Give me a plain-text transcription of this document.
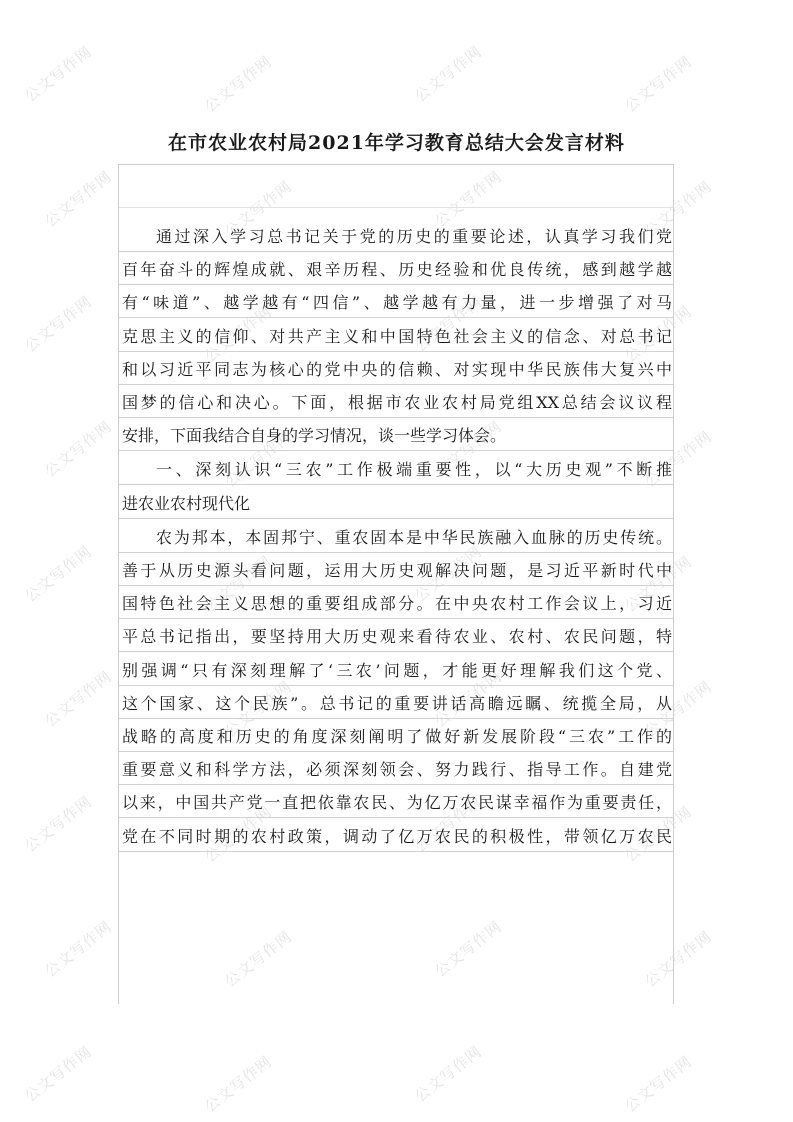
公文写作网	公文写作网	公文写作网	公文写作网
公文写作网	公文写作网	公文写作网	公文写作网
公文写作网	公文写作网	公文写作网	公文写作网
公文写作网	公文写作网	公文写作网	公文写作网
公文写作网	公文写作网	公文写作网	公文写作网
公文写作网	公文写作网	公文写作网	公文写作网
公文写作网	公文写作网	公文写作网	公文写作网
公文写作网	公文写作网	公文写作网	公文写作网
公文写作网	公文写作网	公文写作网	公文写作网
在市农业农村局2021年学习教育总结大会发言材料
通过深入学习总书记关于党的历史的重要论述，认真学习我们党
百年奋斗的辉煌成就、艰辛历程、历史经验和优良传统，感到越学越
有“味道”、越学越有“四信”、越学越有力量，进一步增强了对马
克思主义的信仰、对共产主义和中国特色社会主义的信念、对总书记
和以习近平同志为核心的党中央的信赖、对实现中华民族伟大复兴中
国梦的信心和决心。下面，根据市农业农村局党组XX总结会议议程
安排，下面我结合自身的学习情况，谈一些学习体会。
一、深刻认识“三农”工作极端重要性，以“大历史观”不断推
进农业农村现代化
农为邦本，本固邦宁、重农固本是中华民族融入血脉的历史传统。
善于从历史源头看问题，运用大历史观解决问题，是习近平新时代中
国特色社会主义思想的重要组成部分。在中央农村工作会议上，习近
平总书记指出，要坚持用大历史观来看待农业、农村、农民问题，特
别强调“只有深刻理解了‘三农’问题，才能更好理解我们这个党、
这个国家、这个民族”。总书记的重要讲话高瞻远瞩、统揽全局，从
战略的高度和历史的角度深刻阐明了做好新发展阶段“三农”工作的
重要意义和科学方法，必须深刻领会、努力践行、指导工作。自建党
以来，中国共产党一直把依靠农民、为亿万农民谋幸福作为重要责任，
党在不同时期的农村政策，调动了亿万农民的积极性，带领亿万农民
